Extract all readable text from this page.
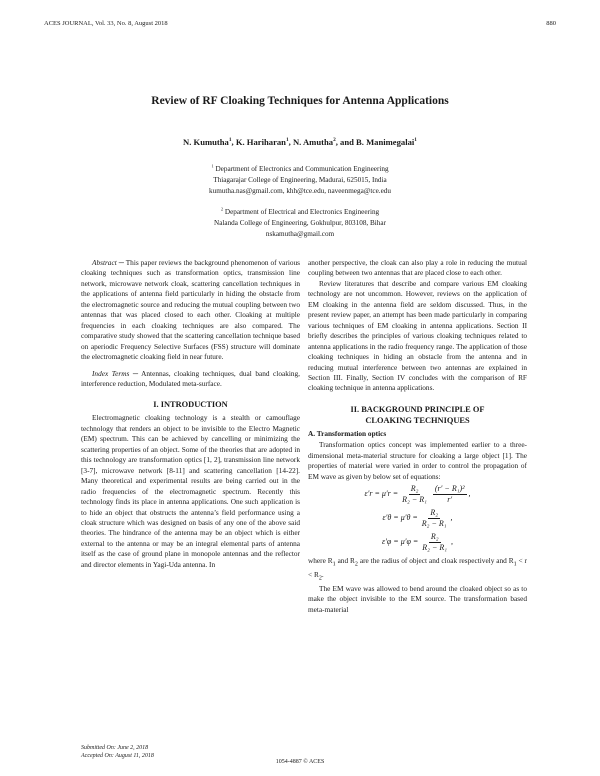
ACES JOURNAL, Vol. 33, No. 8, August 2018	880
Review of RF Cloaking Techniques for Antenna Applications
N. Kumutha$^1$, K. Hariharan$^1$, N. Amutha$^2$, and B. Manimegalai$^1$
$^1$ Department of Electronics and Communication Engineering
Thiagarajar College of Engineering, Madurai, 625015, India
kumutha.nas@gmail.com, khh@tce.edu, naveenmega@tce.edu
$^2$ Department of Electrical and Electronics Engineering
Nalanda College of Engineering, Gokhulpur, 803108, Bihar
nskamutha@gmail.com

Abstract ─ This paper reviews the background phenomenon of various cloaking techniques such as transformation optics, transmission line network, microwave network cloak, scattering cancellation techniques in the applications of antenna field particularly in hiding the obstacle from the electromagnetic source and reducing the mutual coupling between two antennas that was placed closed to each other. Cloaking at multiple frequencies in each cloaking techniques are also compared. The comparative study showed that the scattering cancellation technique based on aperiodic Frequency Selective Surfaces (FSS) structure will dominate the electromagnetic cloaking field in near future.

Index Terms ─ Antennas, cloaking techniques, dual band cloaking, interference reduction, Modulated meta-surface.

I. INTRODUCTION

Electromagnetic cloaking technology is a stealth or camouflage technology that renders an object to be invisible to the Electro Magnetic (EM) spectrum. This can be achieved by cancelling or minimizing the scattering properties of an object. Some of the theories that are adopted in this technology are transformation optics [1, 2], transmission line network [3-7], microwave network [8-11] and scattering cancellation [14-22]. Many theoretical and experimental results are being carried out in the radio frequencies of the electromagnetic spectrum. Recently this technology finds its place in antenna applications. One such application is to hide an object that obstructs the antenna’s field performance using a cloak structure which was designed on basis of any one of the above said theories. The hindrance of the antenna may be an object which is either external to the antenna or may be an integral elemental parts of antenna itself as the case of ground plane in monopole antennas and the reflector and director elements in Yagi-Uda antenna. In

another perspective, the cloak can also play a role in reducing the mutual coupling between two antennas that are placed close to each other.

Review literatures that describe and compare various EM cloaking technology are not uncommon. However, reviews on the application of EM cloaking in the antenna field are seldom discussed. Thus, in the present review paper, an attempt has been made particularly in comparing various techniques of EM cloaking in antenna applications. Section II briefly describes the principles of various cloaking techniques related to antenna applications in the radio frequency range. The application of those cloaking techniques in hiding an obstacle from the antenna and in reducing mutual interference between two antennas are explained in Section III. Finally, Section IV concludes with the comparison of RF cloaking technique in antenna applications.

II. BACKGROUND PRINCIPLE OF
CLOAKING TECHNIQUES
A. Transformation optics

Transformation optics concept was implemented earlier to a three-dimensional meta-material structure for cloaking a large object [1]. The properties of material were varied in order to control the propagation of EM wave as given by below set of equations:

$\varepsilon'r = \mu'r = \frac{\text{R₂}}{\text{R₂ − R₁}} \frac{\text{(r′ − R₁)²}}{r'}$ ,
$\varepsilon'\theta = \mu'\theta = \frac{\text{R₂}}{\text{R₂ − R₁}}$ ,
$\varepsilon'\varphi = \mu'\varphi = \frac{\text{R₂}}{\text{R₂ − R₁}}$ ,

where $R_1$ and $R_2$ are the radius of object and cloak respectively and $R_1 < r < R_2$.

The EM wave was allowed to bend around the cloaked object so as to make the object invisible to the EM source. The transformation based meta-material

Submitted On: June 2, 2018
Accepted On: August 11, 2018
1054-4887 © ACES
